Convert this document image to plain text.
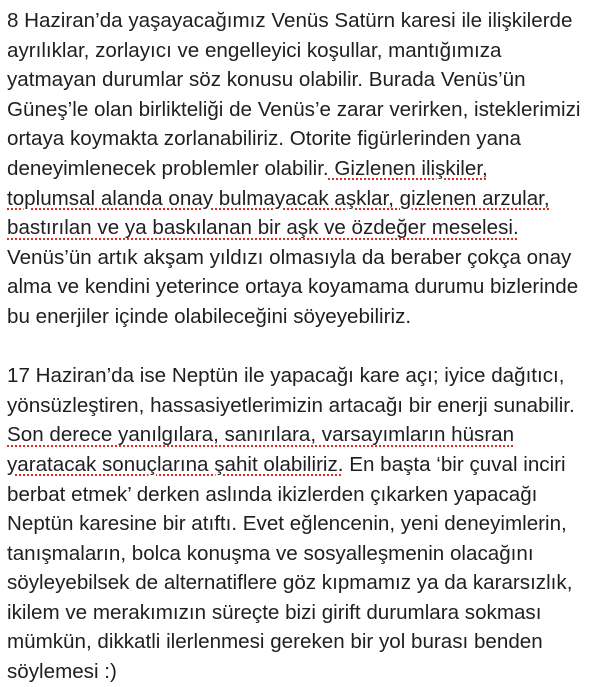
8 Haziran’da yaşayacağımız Venüs Satürn karesi ile ilişkilerde
ayrılıklar, zorlayıcı ve engelleyici koşullar, mantığımıza
yatmayan durumlar söz konusu olabilir. Burada Venüs’ün
Güneş’le olan birlikteliği de Venüs’e zarar verirken, isteklerimizi
ortaya koymakta zorlanabiliriz. Otorite figürlerinden yana
deneyimlenecek problemler olabilir. Gizlenen ilişkiler,
toplumsal alanda onay bulmayacak aşklar, gizlenen arzular,
bastırılan ve ya baskılanan bir aşk ve özdeğer meselesi.
Venüs’ün artık akşam yıldızı olmasıyla da beraber çokça onay
alma ve kendini yeterince ortaya koyamama durumu bizlerinde
bu enerjiler içinde olabileceğini söyeyebiliriz.
17 Haziran’da ise Neptün ile yapacağı kare açı; iyice dağıtıcı,
yönsüzleştiren, hassasiyetlerimizin artacağı bir enerji sunabilir.
Son derece yanılgılara, sanırılara, varsayımların hüsran
yaratacak sonuçlarına şahit olabiliriz. En başta ‘bir çuval inciri
berbat etmek’ derken aslında ikizlerden çıkarken yapacağı
Neptün karesine bir atıftı. Evet eğlencenin, yeni deneyimlerin,
tanışmaların, bolca konuşma ve sosyalleşmenin olacağını
söyleyebilsek de alternatiflere göz kıpmamız ya da kararsızlık,
ikilem ve merakımızın süreçte bizi girift durumlara sokması
mümkün, dikkatli ilerlenmesi gereken bir yol burası benden
söylemesi :)
